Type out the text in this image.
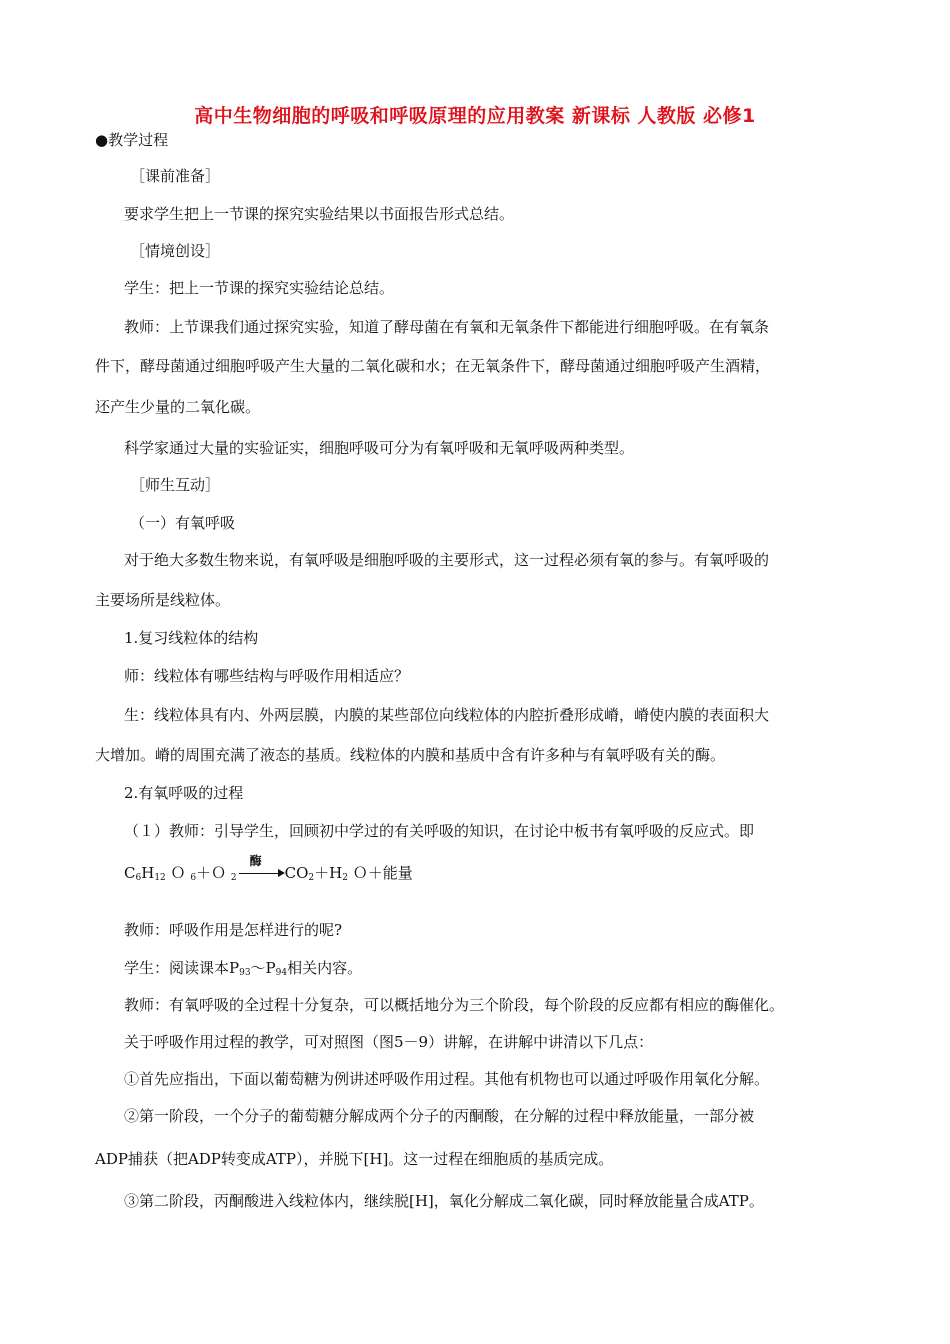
高中生物细胞的呼吸和呼吸原理的应用教案 新课标 人教版 必修1
●教学过程
［课前准备］
要求学生把上一节课的探究实验结果以书面报告形式总结。
［情境创设］
学生：把上一节课的探究实验结论总结。
教师：上节课我们通过探究实验，知道了酵母菌在有氧和无氧条件下都能进行细胞呼吸。在有氧条
件下，酵母菌通过细胞呼吸产生大量的二氧化碳和水；在无氧条件下，酵母菌通过细胞呼吸产生酒精，
还产生少量的二氧化碳。
科学家通过大量的实验证实，细胞呼吸可分为有氧呼吸和无氧呼吸两种类型。
［师生互动］
（一）有氧呼吸
对于绝大多数生物来说，有氧呼吸是细胞呼吸的主要形式，这一过程必须有氧的参与。有氧呼吸的
主要场所是线粒体。
1.复习线粒体的结构
师：线粒体有哪些结构与呼吸作用相适应？
生：线粒体具有内、外两层膜，内膜的某些部位向线粒体的内腔折叠形成嵴，嵴使内膜的表面积大
大增加。嵴的周围充满了液态的基质。线粒体的内膜和基质中含有许多种与有氧呼吸有关的酶。
2.有氧呼吸的过程
（１）教师：引导学生，回顾初中学过的有关呼吸的知识，在讨论中板书有氧呼吸的反应式。即
$C_6H_{12}$ Ｏ $_6$＋Ｏ $_2$
酶
$CO_2+H_2$ Ｏ＋能量
教师：呼吸作用是怎样进行的呢?
学生：阅读课本$P_{93}\sim P_{94}$相关内容。
教师：有氧呼吸的全过程十分复杂，可以概括地分为三个阶段，每个阶段的反应都有相应的酶催化。
关于呼吸作用过程的教学，可对照图（图5－9）讲解，在讲解中讲清以下几点：
①首先应指出，下面以葡萄糖为例讲述呼吸作用过程。其他有机物也可以通过呼吸作用氧化分解。
②第一阶段，一个分子的葡萄糖分解成两个分子的丙酮酸，在分解的过程中释放能量，一部分被
ADP捕获（把ADP转变成ATP），并脱下[H]。这一过程在细胞质的基质完成。
③第二阶段，丙酮酸进入线粒体内，继续脱[H]，氧化分解成二氧化碳，同时释放能量合成ATP。
